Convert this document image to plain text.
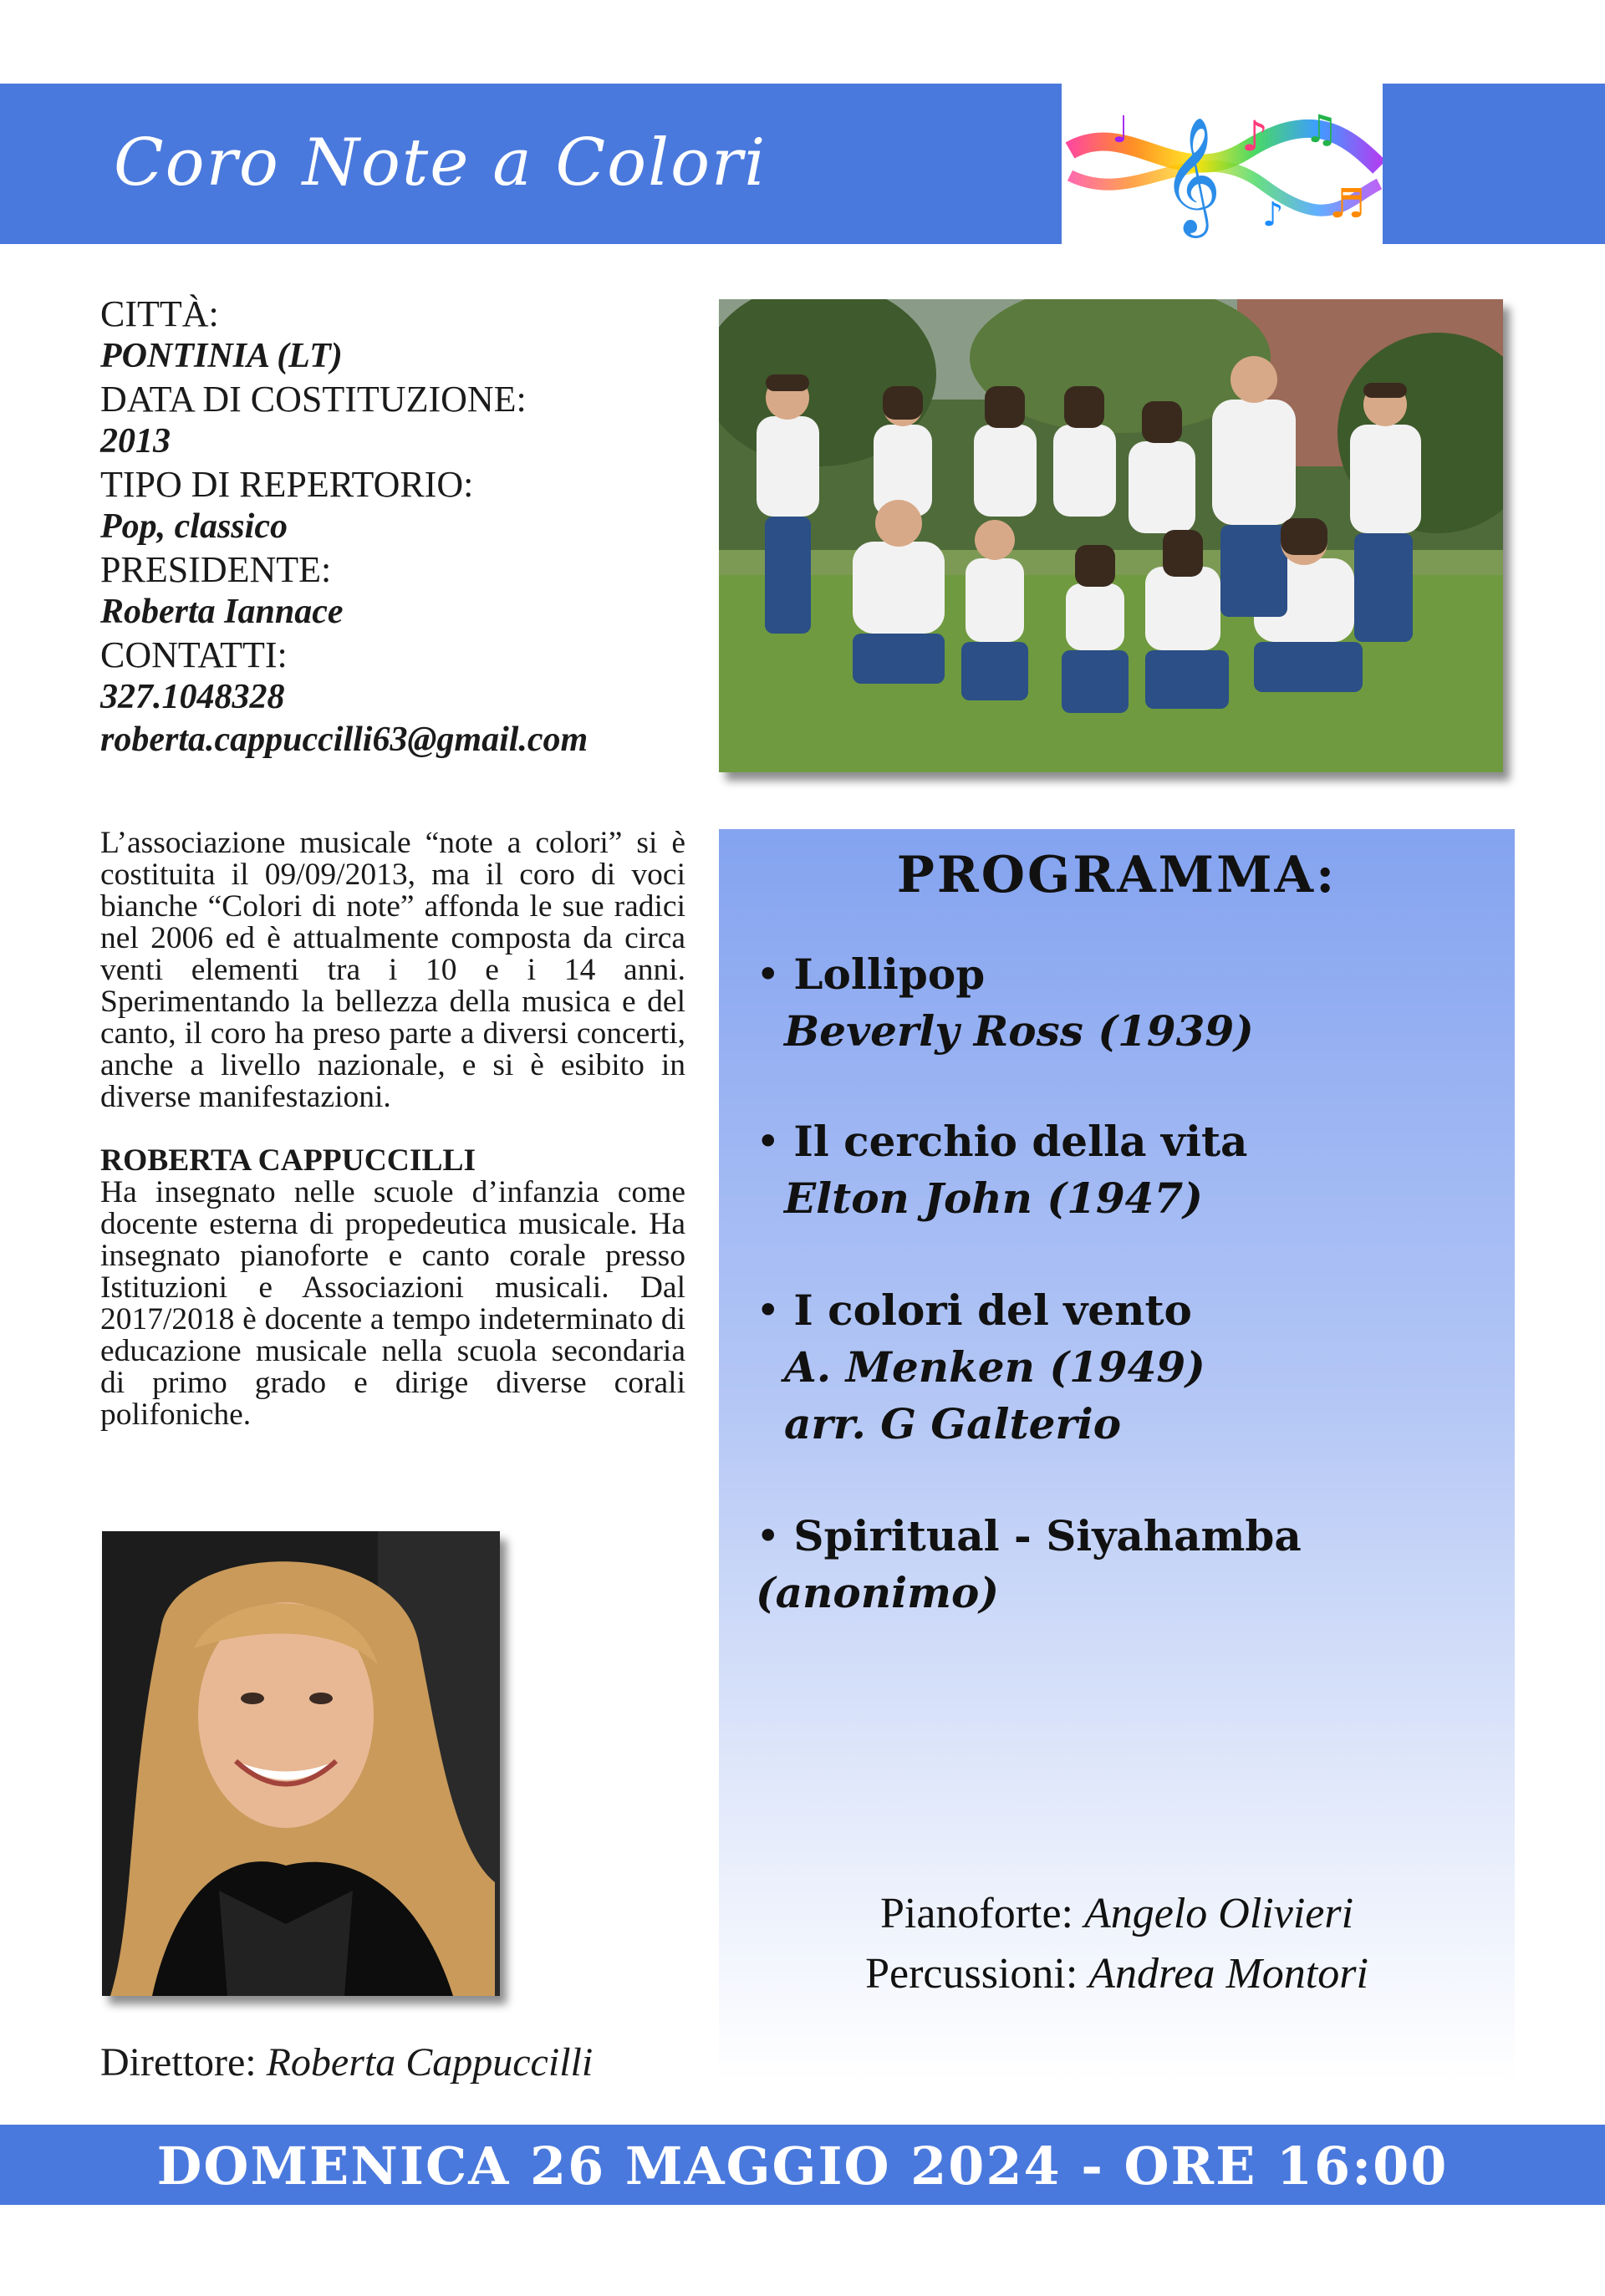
Coro Note a Colori	𝄞 ♪ ♫
♩
♬
♪
CITTÀ:
PONTINIA (LT)
DATA DI COSTITUZIONE:
2013
TIPO DI REPERTORIO:
Pop, classico
PRESIDENTE:
Roberta Iannace
CONTATTI:
327.1048328
roberta.cappuccilli63@gmail.com
L’associazione musicale “note a colori” si è costituita il 09/09/2013, ma il coro di voci bianche “Colori di note” affonda le sue radici nel 2006 ed è attualmente composta da circa venti elementi tra i 10 e i 14 anni. Sperimentando la bellezza della musica e del canto, il coro ha preso parte a diversi concerti, anche a livello nazionale, e si è esibito in diverse manifestazioni.
ROBERTA CAPPUCCILLI
Ha insegnato nelle scuole d’infanzia come docente esterna di propedeutica musicale. Ha insegnato pianoforte e canto corale presso Istituzioni e Associazioni musicali. Dal 2017/2018 è docente a tempo indeterminato di educazione musicale nella scuola secondaria di primo grado e dirige diverse corali polifoniche.
Direttore: Roberta Cappuccilli
PROGRAMMA:
• Lollipop
Beverly Ross (1939)
• Il cerchio della vita
Elton John (1947)
• I colori del vento
A. Menken (1949)
arr. G Galterio
• Spiritual - Siyahamba (anonimo)
Pianoforte: Angelo Olivieri
Percussioni: Andrea Montori
DOMENICA 26 MAGGIO 2024 - ORE 16:00
